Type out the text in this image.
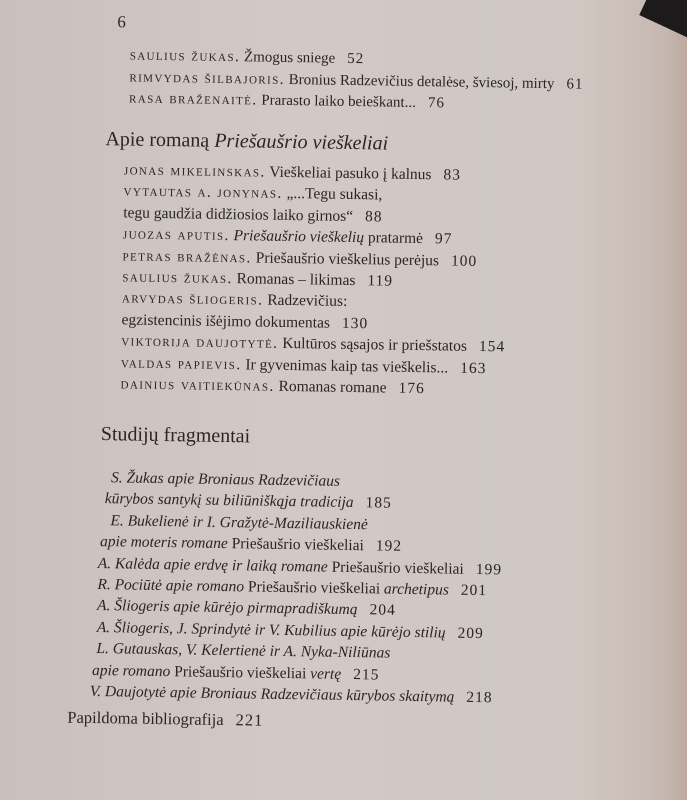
6
saulius žukas. Žmogus sniege 52
rimvydas šilbajoris. Bronius Radzevičius detalėse, šviesoj, mirty 61
rasa braženaitė. Prarasto laiko beieškant... 76
Apie romaną Priešaušrio vieškeliai
jonas mikelinskas. Vieškeliai pasuko į kalnus 83
vytautas a. jonynas. „...Tegu sukasi,
tegu gaudžia didžiosios laiko girnos“ 88
juozas aputis. Priešaušrio vieškelių pratarmė 97
petras bražėnas. Priešaušrio vieškelius perėjus 100
saulius žukas. Romanas – likimas 119
arvydas šliogeris. Radzevičius:
egzistencinis išėjimo dokumentas 130
viktorija daujotytė. Kultūros sąsajos ir priešstatos 154
valdas papievis. Ir gyvenimas kaip tas vieškelis... 163
dainius vaitiekūnas. Romanas romane 176
Studijų fragmentai
S. Žukas apie Broniaus Radzevičiaus
kūrybos santykį su biliūniškąja tradicija 185
E. Bukelienė ir I. Gražytė-Maziliauskienė
apie moteris romane Priešaušrio vieškeliai 192
A. Kalėda apie erdvę ir laiką romane Priešaušrio vieškeliai 199
R. Pociūtė apie romano Priešaušrio vieškeliai archetipus 201
A. Šliogeris apie kūrėjo pirmapradiškumą 204
A. Šliogeris, J. Sprindytė ir V. Kubilius apie kūrėjo stilių 209
L. Gutauskas, V. Kelertienė ir A. Nyka-Niliūnas
apie romano Priešaušrio vieškeliai vertę 215
V. Daujotytė apie Broniaus Radzevičiaus kūrybos skaitymą 218
Papildoma bibliografija 221
